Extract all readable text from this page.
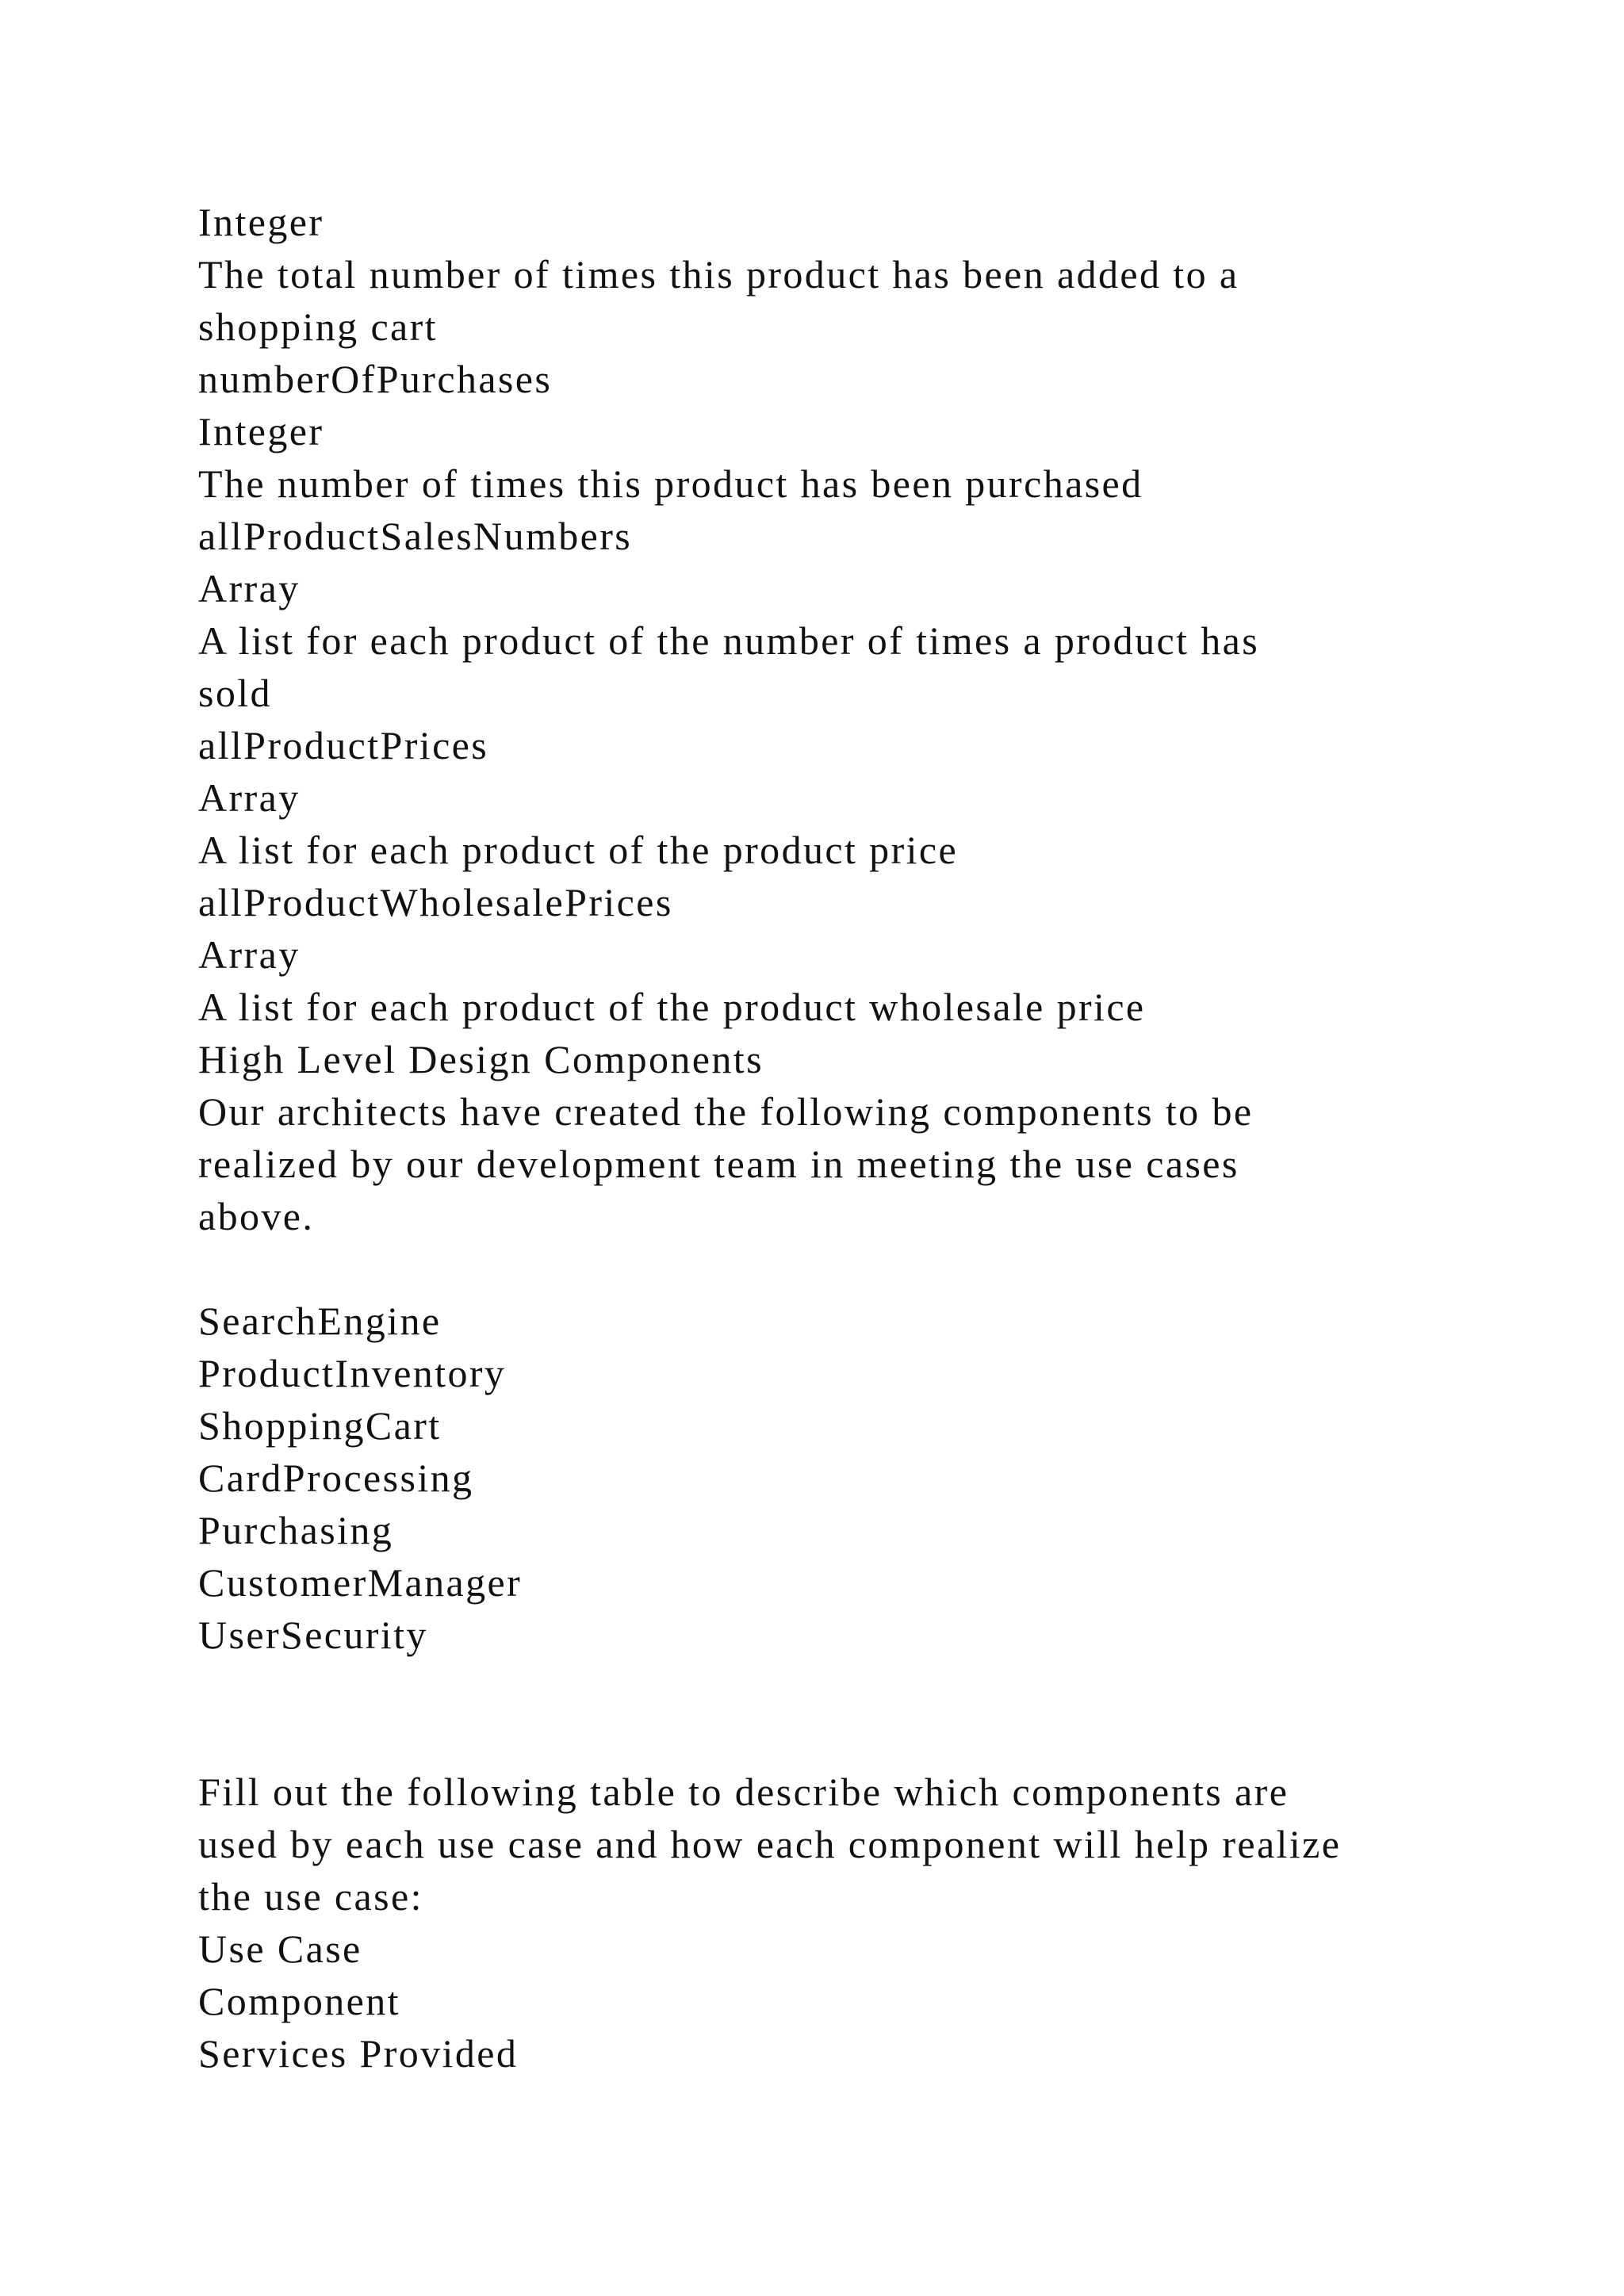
Integer
The total number of times this product has been added to a
shopping cart
numberOfPurchases
Integer
The number of times this product has been purchased
allProductSalesNumbers
Array
A list for each product of the number of times a product has
sold
allProductPrices
Array
A list for each product of the product price
allProductWholesalePrices
Array
A list for each product of the product wholesale price
High Level Design Components
Our architects have created the following components to be
realized by our development team in meeting the use cases
above.
SearchEngine
ProductInventory
ShoppingCart
CardProcessing
Purchasing
CustomerManager
UserSecurity
Fill out the following table to describe which components are
used by each use case and how each component will help realize
the use case:
Use Case
Component
Services Provided
